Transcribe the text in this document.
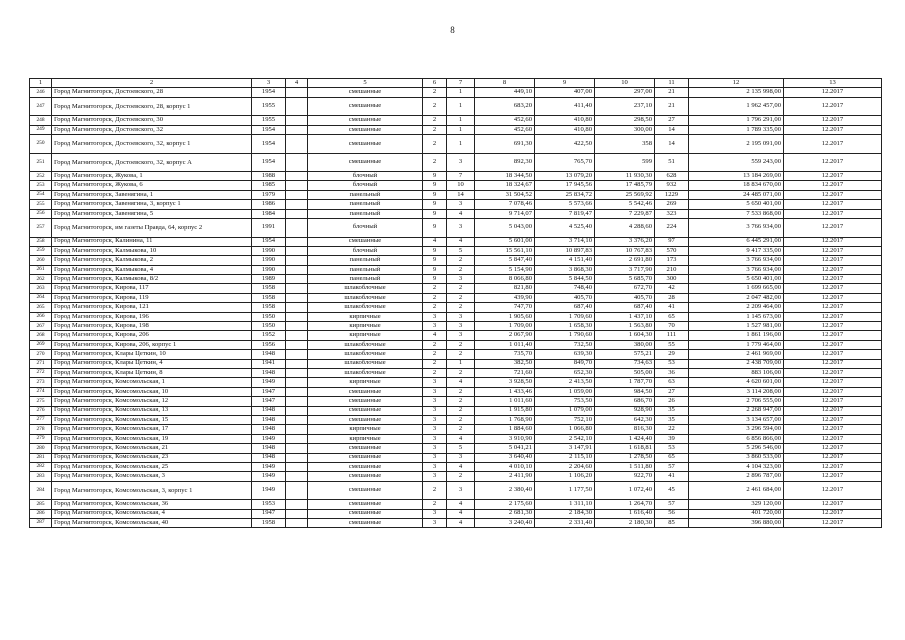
8
1	2	3	4	5	6	7	8	9	10	11	12	13
246	Город Магнитогорск, Достоевского, 28	1954		смешанные	2	1	449,10	407,00	297,00	21	2 135 998,00	12.2017
247	Город Магнитогорск, Достоевского, 28, корпус 1	1955		смешанные	2	1	683,20	411,40	237,10	21	1 962 457,00	12.2017
248	Город Магнитогорск, Достоевского, 30	1955		смешанные	2	1	452,60	410,80	298,50	27	1 796 291,00	12.2017
249	Город Магнитогорск, Достоевского, 32	1954		смешанные	2	1	452,60	410,80	300,00	14	1 789 335,00	12.2017
250	Город Магнитогорск, Достоевского, 32, корпус 1	1954		смешанные	2	1	691,30	422,50	358	14	2 195 091,00	12.2017
251	Город Магнитогорск, Достоевского, 32, корпус А	1954		смешанные	2	3	892,30	765,70	599	51	559 243,00	12.2017
252	Город Магнитогорск, Жукова, 1	1988		блочный	9	7	18 344,50	13 079,20	11 930,30	628	13 184 269,00	12.2017
253	Город Магнитогорск, Жукова, 6	1985		блочный	9	10	18 324,67	17 945,56	17 485,79	932	18 834 670,00	12.2017
254	Город Магнитогорск, Завенягина, 1	1979		панельный	9	14	31 504,52	25 834,72	25 569,92	1229	24 485 071,00	12.2017
255	Город Магнитогорск, Завенягина, 3, корпус 1	1986		панельный	9	3	7 078,46	5 573,66	5 542,46	269	5 650 401,00	12.2017
256	Город Магнитогорск, Завенягина, 5	1984		панельный	9	4	9 714,07	7 819,47	7 229,87	323	7 533 868,00	12.2017
257	Город Магнитогорск, им газеты Правда, 64, корпус 2	1991		блочный	9	3	5 043,00	4 525,40	4 288,60	224	3 766 934,00	12.2017
258	Город Магнитогорск, Калинина, 11	1954		смешанные	4	4	5 601,00	3 714,10	3 376,20	97	6 445 291,00	12.2017
259	Город Магнитогорск, Калмыкова, 10	1990		блочный	9	5	15 561,10	10 897,83	10 767,83	570	9 417 335,00	12.2017
260	Город Магнитогорск, Калмыкова, 2	1990		панельный	9	2	5 847,40	4 151,40	2 691,80	173	3 766 934,00	12.2017
261	Город Магнитогорск, Калмыкова, 4	1990		панельный	9	2	5 154,90	3 868,30	3 717,90	210	3 766 934,00	12.2017
262	Город Магнитогорск, Калмыкова, 8/2	1989		панельный	9	3	8 066,80	5 844,50	5 685,70	300	5 650 401,00	12.2017
263	Город Магнитогорск, Кирова, 117	1958		шлакоблочные	2	2	821,80	748,40	672,70	42	1 699 665,00	12.2017
264	Город Магнитогорск, Кирова, 119	1958		шлакоблочные	2	2	439,90	405,70	405,70	28	2 047 482,00	12.2017
265	Город Магнитогорск, Кирова, 121	1958		шлакоблочные	2	2	747,70	687,40	687,40	41	2 209 464,00	12.2017
266	Город Магнитогорск, Кирова, 196	1950		кирпичные	3	3	1 905,60	1 709,60	1 437,10	65	1 145 673,00	12.2017
267	Город Магнитогорск, Кирова, 198	1950		кирпичные	3	3	1 709,00	1 658,30	1 563,80	70	1 527 981,00	12.2017
268	Город Магнитогорск, Кирова, 206	1952		кирпичные	4	3	2 067,90	1 790,60	1 604,30	111	1 861 196,00	12.2017
269	Город Магнитогорск, Кирова, 206, корпус 1	1956		шлакоблочные	2	2	1 011,40	732,50	380,00	55	1 779 464,00	12.2017
270	Город Магнитогорск, Клары Цеткин, 10	1948		шлакоблочные	2	2	735,70	639,30	575,21	29	2 461 969,00	12.2017
271	Город Магнитогорск, Клары Цеткин, 4	1941		шлакоблочные	2	1	382,50	849,70	734,63	53	2 438 709,00	12.2017
272	Город Магнитогорск, Клары Цеткин, 8	1948		шлакоблочные	2	2	721,60	652,30	505,00	36	883 106,00	12.2017
273	Город Магнитогорск, Комсомольская, 1	1949		кирпичные	3	4	3 928,50	2 413,50	1 787,70	63	4 620 601,00	12.2017
274	Город Магнитогорск, Комсомольская, 10	1947		смешанные	3	2	1 433,46	1 059,00	984,50	27	3 114 208,00	12.2017
275	Город Магнитогорск, Комсомольская, 12	1947		смешанные	3	2	1 011,60	753,50	686,70	26	2 706 555,00	12.2017
276	Город Магнитогорск, Комсомольская, 13	1948		смешанные	3	2	1 915,80	1 079,00	928,90	35	2 268 947,00	12.2017
277	Город Магнитогорск, Комсомольская, 15	1948		смешанные	3	2	1 768,90	752,10	642,30	35	3 134 657,00	12.2017
278	Город Магнитогорск, Комсомольская, 17	1948		кирпичные	3	2	1 884,60	1 066,80	816,30	22	3 296 594,00	12.2017
279	Город Магнитогорск, Комсомольская, 19	1949		кирпичные	3	4	3 910,90	2 542,10	1 424,40	39	6 856 866,00	12.2017
280	Город Магнитогорск, Комсомольская, 21	1948		смешанные	3	5	5 041,21	3 147,91	1 618,81	53	5 296 546,00	12.2017
281	Город Магнитогорск, Комсомольская, 23	1948		смешанные	3	3	3 640,40	2 115,10	1 278,50	65	3 860 533,00	12.2017
282	Город Магнитогорск, Комсомольская, 25	1949		смешанные	3	4	4 010,10	2 204,60	1 511,80	57	4 104 323,00	12.2017
283	Город Магнитогорск, Комсомольская, 3	1949		смешанные	3	2	2 411,90	1 106,20	922,70	41	2 896 787,00	12.2017
284	Город Магнитогорск, Комсомольская, 3, корпус 1	1949		смешанные	2	3	2 380,40	1 177,50	1 072,40	45	2 461 684,00	12.2017
285	Город Магнитогорск, Комсомольская, 36	1953		смешанные	2	4	2 175,60	1 311,10	1 264,70	57	329 120,00	12.2017
286	Город Магнитогорск, Комсомольская, 4	1947		смешанные	3	4	2 681,30	2 184,30	1 616,40	56	401 720,00	12.2017
287	Город Магнитогорск, Комсомольская, 40	1958		смешанные	3	4	3 240,40	2 331,40	2 180,30	85	396 880,00	12.2017
